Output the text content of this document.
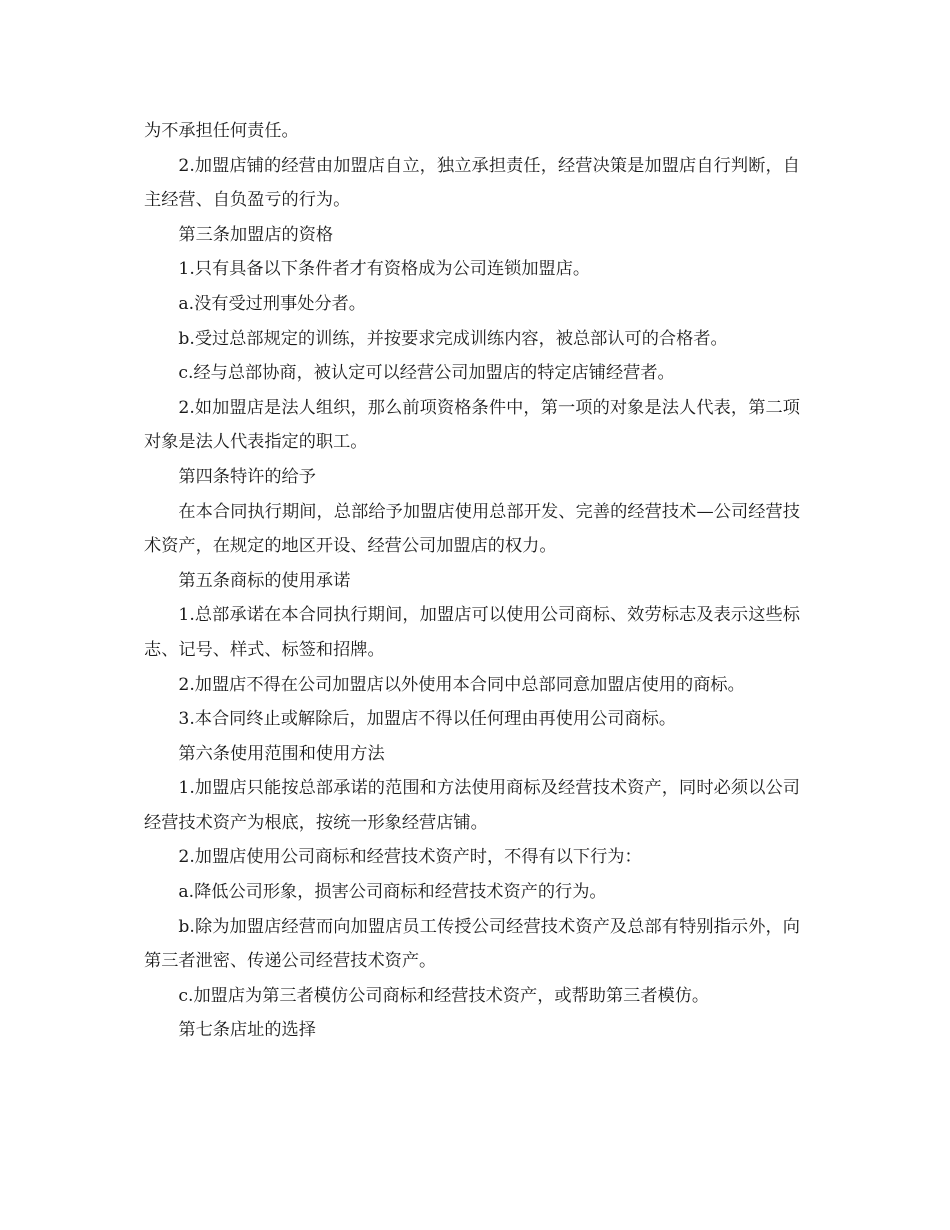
为不承担任何责任。

2.加盟店铺的经营由加盟店自立，独立承担责任，经营决策是加盟店自行判断，自主经营、自负盈亏的行为。

第三条加盟店的资格

1.只有具备以下条件者才有资格成为公司连锁加盟店。

a.没有受过刑事处分者。

b.受过总部规定的训练，并按要求完成训练内容，被总部认可的合格者。

c.经与总部协商，被认定可以经营公司加盟店的特定店铺经营者。

2.如加盟店是法人组织，那么前项资格条件中，第一项的对象是法人代表，第二项对象是法人代表指定的职工。

第四条特许的给予

在本合同执行期间，总部给予加盟店使用总部开发、完善的经营技术—公司经营技术资产，在规定的地区开设、经营公司加盟店的权力。

第五条商标的使用承诺

1.总部承诺在本合同执行期间，加盟店可以使用公司商标、效劳标志及表示这些标志、记号、样式、标签和招牌。

2.加盟店不得在公司加盟店以外使用本合同中总部同意加盟店使用的商标。

3.本合同终止或解除后，加盟店不得以任何理由再使用公司商标。

第六条使用范围和使用方法

1.加盟店只能按总部承诺的范围和方法使用商标及经营技术资产，同时必须以公司经营技术资产为根底，按统一形象经营店铺。

2.加盟店使用公司商标和经营技术资产时，不得有以下行为：

a.降低公司形象，损害公司商标和经营技术资产的行为。

b.除为加盟店经营而向加盟店员工传授公司经营技术资产及总部有特别指示外，向第三者泄密、传递公司经营技术资产。

c.加盟店为第三者模仿公司商标和经营技术资产，或帮助第三者模仿。

第七条店址的选择
